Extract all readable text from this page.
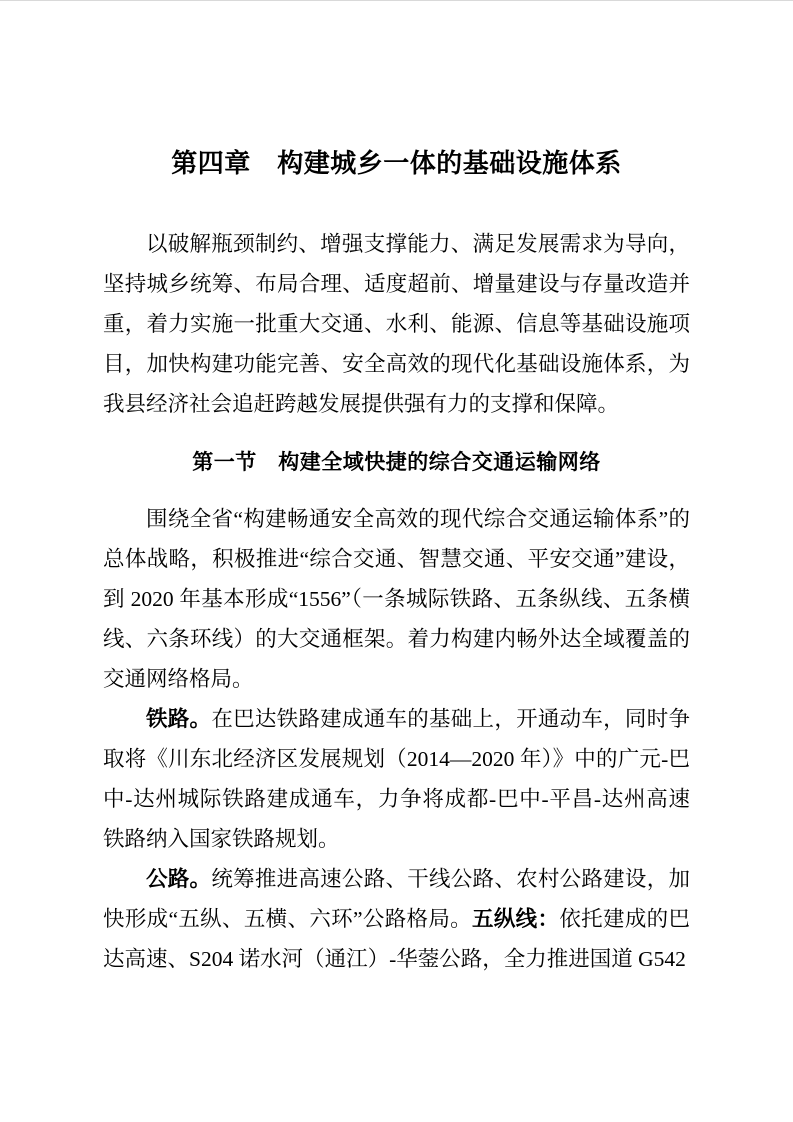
第四章　构建城乡一体的基础设施体系

以破解瓶颈制约、增强支撑能力、满足发展需求为导向，坚持城乡统筹、布局合理、适度超前、增量建设与存量改造并重，着力实施一批重大交通、水利、能源、信息等基础设施项目，加快构建功能完善、安全高效的现代化基础设施体系，为我县经济社会追赶跨越发展提供强有力的支撑和保障。

第一节　构建全域快捷的综合交通运输网络

围绕全省“构建畅通安全高效的现代综合交通运输体系”的总体战略，积极推进“综合交通、智慧交通、平安交通”建设，到 2020 年基本形成“1556”（一条城际铁路、五条纵线、五条横线、六条环线）的大交通框架。着力构建内畅外达全域覆盖的交通网络格局。

铁路。在巴达铁路建成通车的基础上，开通动车，同时争取将《川东北经济区发展规划（2014—2020 年）》中的广元-巴中-达州城际铁路建成通车，力争将成都-巴中-平昌-达州高速铁路纳入国家铁路规划。

公路。统筹推进高速公路、干线公路、农村公路建设，加快形成“五纵、五横、六环”公路格局。五纵线：依托建成的巴达高速、S204 诺水河（通江）-华蓥公路，全力推进国道 G542
